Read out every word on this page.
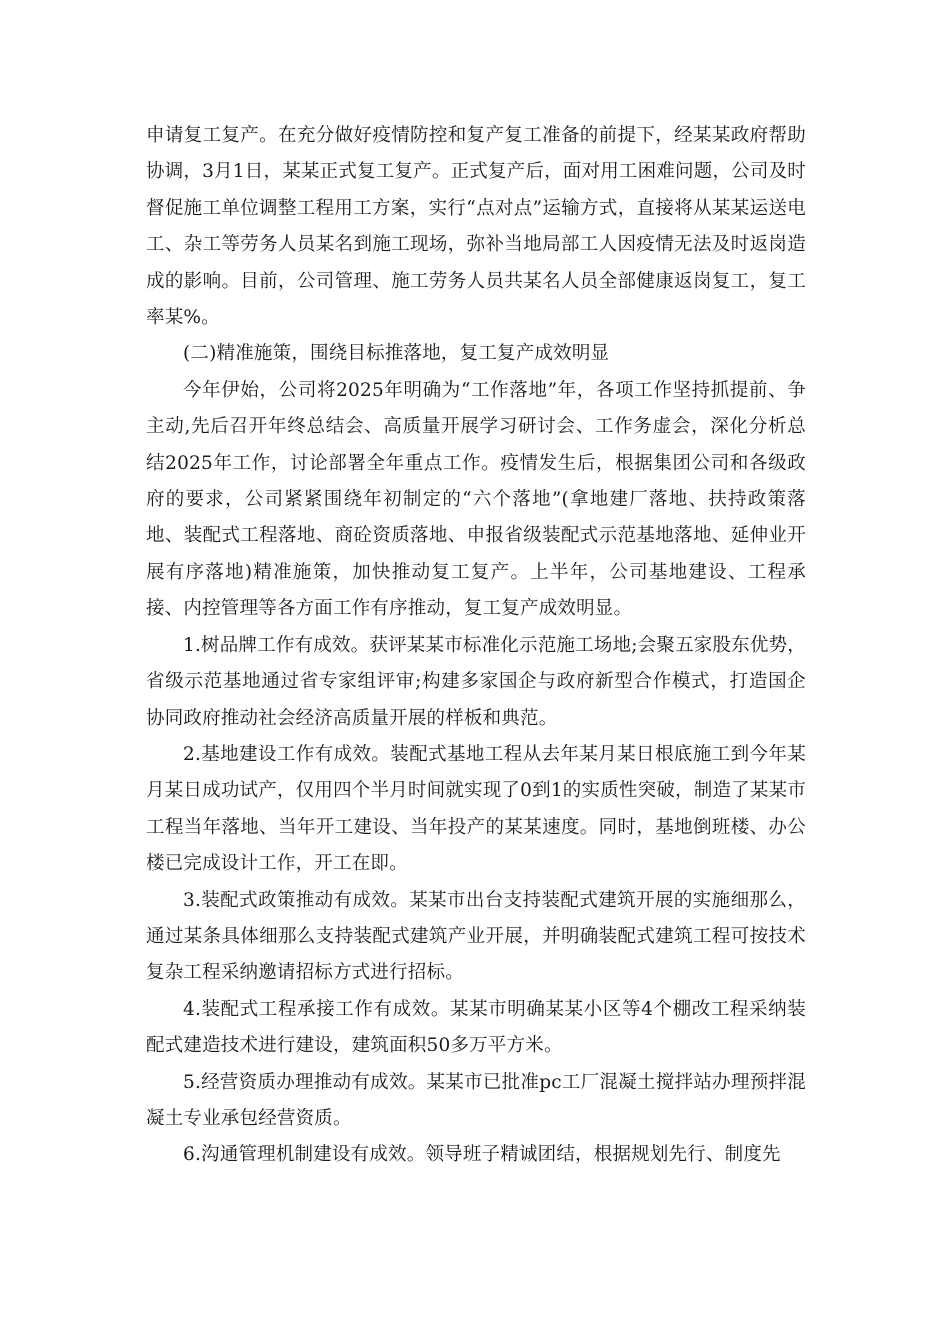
申请复工复产。在充分做好疫情防控和复产复工准备的前提下，经某某政府帮助协调，3月1日，某某正式复工复产。正式复产后，面对用工困难问题，公司及时督促施工单位调整工程用工方案，实行“点对点”运输方式，直接将从某某运送电工、杂工等劳务人员某名到施工现场，弥补当地局部工人因疫情无法及时返岗造成的影响。目前，公司管理、施工劳务人员共某名人员全部健康返岗复工，复工率某%。

(二)精准施策，围绕目标推落地，复工复产成效明显

今年伊始，公司将2025年明确为“工作落地”年，各项工作坚持抓提前、争主动,先后召开年终总结会、高质量开展学习研讨会、工作务虚会，深化分析总结2025年工作，讨论部署全年重点工作。疫情发生后，根据集团公司和各级政府的要求，公司紧紧围绕年初制定的“六个落地”(拿地建厂落地、扶持政策落地、装配式工程落地、商砼资质落地、申报省级装配式示范基地落地、延伸业开展有序落地)精准施策，加快推动复工复产。上半年，公司基地建设、工程承接、内控管理等各方面工作有序推动，复工复产成效明显。

1.树品牌工作有成效。获评某某市标准化示范施工场地;会聚五家股东优势，省级示范基地通过省专家组评审;构建多家国企与政府新型合作模式，打造国企协同政府推动社会经济高质量开展的样板和典范。

2.基地建设工作有成效。装配式基地工程从去年某月某日根底施工到今年某月某日成功试产，仅用四个半月时间就实现了0到1的实质性突破，制造了某某市工程当年落地、当年开工建设、当年投产的某某速度。同时，基地倒班楼、办公楼已完成设计工作，开工在即。

3.装配式政策推动有成效。某某市出台支持装配式建筑开展的实施细那么，通过某条具体细那么支持装配式建筑产业开展，并明确装配式建筑工程可按技术复杂工程采纳邀请招标方式进行招标。

4.装配式工程承接工作有成效。某某市明确某某小区等4个棚改工程采纳装配式建造技术进行建设，建筑面积50多万平方米。

5.经营资质办理推动有成效。某某市已批准pc工厂混凝土搅拌站办理预拌混凝土专业承包经营资质。

6.沟通管理机制建设有成效。领导班子精诚团结，根据规划先行、制度先
